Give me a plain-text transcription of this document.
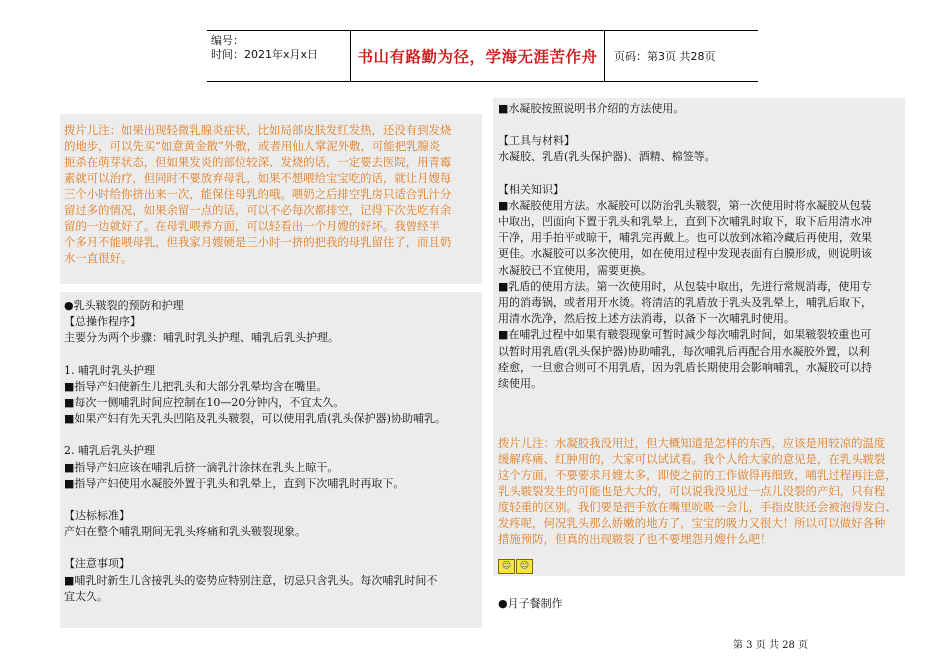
编号：
时间：2021年x月x日	书山有路勤为径，学海无涯苦作舟	页码：第3页 共28页
拨片儿注：如果出现轻微乳腺炎症状，比如局部皮肤发红发热，还没有到发烧
的地步，可以先买“如意黄金散”外敷，或者用仙人掌泥外敷，可能把乳腺炎
扼杀在萌芽状态，但如果发炎的部位较深、发烧的话，一定要去医院，用青霉
素就可以治疗，但同时不要放弃母乳，如果不想喂给宝宝吃的话，就让月嫂每
三个小时给你挤出来一次，能保住母乳的哦。喂奶之后排空乳房只适合乳汁分
留过多的情况，如果余留一点的话，可以不必每次都排空，记得下次先吃有余
留的一边就好了。在母乳喂养方面，可以轻看出一个月嫂的好坏。我曾经半
个多月不能喂母乳，但我家月嫂硬是三小时一挤的把我的母乳留住了，而且奶
水一直很好。
●乳头皲裂的预防和护理
【总操作程序】
主要分为两个步骤：哺乳时乳头护理、哺乳后乳头护理。
1. 哺乳时乳头护理
■指导产妇使新生儿把乳头和大部分乳晕均含在嘴里。
■每次一侧哺乳时间应控制在10—20分钟内，不宜太久。
■如果产妇有先天乳头凹陷及乳头皲裂，可以使用乳盾(乳头保护器)协助哺乳。
2. 哺乳后乳头护理
■指导产妇应该在哺乳后挤一滴乳汁涂抹在乳头上晾干。
■指导产妇使用水凝胶外置于乳头和乳晕上，直到下次哺乳时再取下。
【达标标准】
产妇在整个哺乳期间无乳头疼痛和乳头皲裂现象。
【注意事项】
■哺乳时新生儿含接乳头的姿势应特别注意，切忌只含乳头。每次哺乳时间不
宜太久。
■水凝胶按照说明书介绍的方法使用。
【工具与材料】
水凝胶、乳盾(乳头保护器)、酒精、棉签等。
【相关知识】
■水凝胶使用方法。水凝胶可以防治乳头皲裂，第一次使用时将水凝胶从包装
中取出，凹面向下置于乳头和乳晕上，直到下次哺乳时取下，取下后用清水冲
干净，用手拍平或晾干，哺乳完再戴上。也可以放到冰箱冷藏后再使用，效果
更佳。水凝胶可以多次使用，如在使用过程中发现表面有白膜形成，则说明该
水凝胶已不宜使用，需要更换。
■乳盾的使用方法。第一次使用时，从包装中取出，先进行常规消毒，使用专
用的消毒锅，或者用开水烫。将清洁的乳盾放于乳头及乳晕上，哺乳后取下，
用清水洗净，然后按上述方法消毒，以备下一次哺乳时使用。
■在哺乳过程中如果有皲裂现象可暂时减少每次哺乳时间，如果皲裂较重也可
以暂时用乳盾(乳头保护器)协助哺乳，每次哺乳后再配合用水凝胶外置，以利
痊愈，一旦愈合则可不用乳盾，因为乳盾长期使用会影响哺乳，水凝胶可以持
续使用。
拨片儿注：水凝胶我没用过，但大概知道是怎样的东西，应该是用较凉的温度
缓解疼痛、红肿用的，大家可以试试看。我个人给大家的意见是，在乳头皲裂
这个方面，不要要求月嫂太多，即使之前的工作做得再细致，哺乳过程再注意，
乳头皲裂发生的可能也是大大的，可以说我没见过一点儿没裂的产妇，只有程
度轻重的区别。我们要是把手放在嘴里吮吸一会儿，手指皮肤还会被泡得发白、
发疼呢，何况乳头那么娇嫩的地方了，宝宝的吸力又很大！所以可以做好各种
措施预防，但真的出现皲裂了也不要埋怨月嫂什么吧！
☺ ☺
●月子餐制作
第 3 页 共 28 页
